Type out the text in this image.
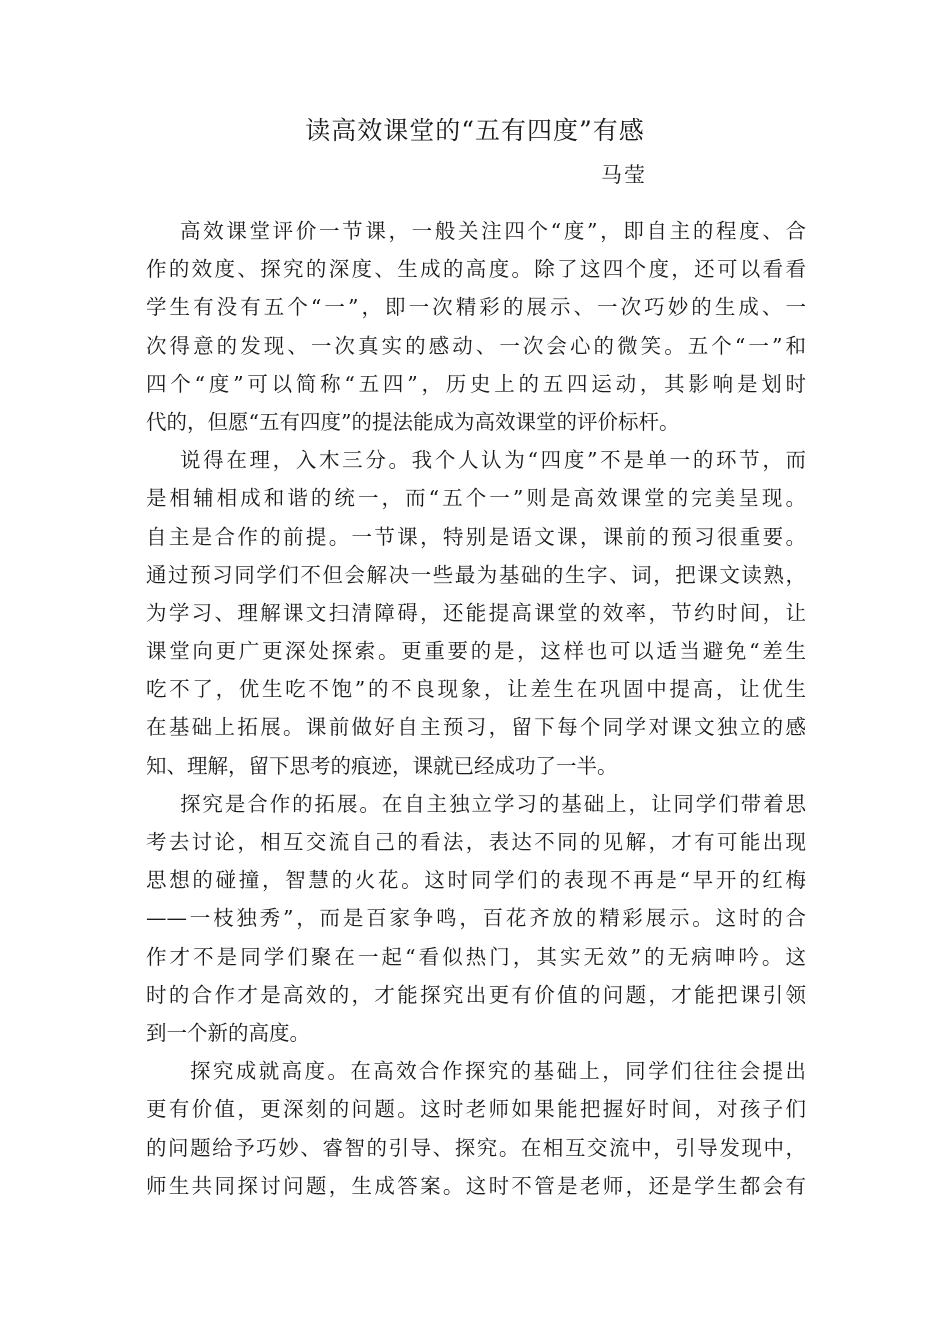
读高效课堂的“五有四度”有感

马莹

高效课堂评价一节课，一般关注四个“度”，即自主的程度、合
作的效度、探究的深度、生成的高度。除了这四个度，还可以看看
学生有没有五个“一”，即一次精彩的展示、一次巧妙的生成、一
次得意的发现、一次真实的感动、一次会心的微笑。五个“一”和
四个“度”可以简称“五四”，历史上的五四运动，其影响是划时
代的，但愿“五有四度”的提法能成为高效课堂的评价标杆。
说得在理，入木三分。我个人认为“四度”不是单一的环节，而
是相辅相成和谐的统一，而“五个一”则是高效课堂的完美呈现。
自主是合作的前提。一节课，特别是语文课，课前的预习很重要。
通过预习同学们不但会解决一些最为基础的生字、词，把课文读熟，
为学习、理解课文扫清障碍，还能提高课堂的效率，节约时间，让
课堂向更广更深处探索。更重要的是，这样也可以适当避免“差生
吃不了，优生吃不饱”的不良现象，让差生在巩固中提高，让优生
在基础上拓展。课前做好自主预习，留下每个同学对课文独立的感
知、理解，留下思考的痕迹，课就已经成功了一半。
探究是合作的拓展。在自主独立学习的基础上，让同学们带着思
考去讨论，相互交流自己的看法，表达不同的见解，才有可能出现
思想的碰撞，智慧的火花。这时同学们的表现不再是“早开的红梅
——一枝独秀”，而是百家争鸣，百花齐放的精彩展示。这时的合
作才不是同学们聚在一起“看似热门，其实无效”的无病呻吟。这
时的合作才是高效的，才能探究出更有价值的问题，才能把课引领
到一个新的高度。
探究成就高度。在高效合作探究的基础上，同学们往往会提出
更有价值，更深刻的问题。这时老师如果能把握好时间，对孩子们
的问题给予巧妙、睿智的引导、探究。在相互交流中，引导发现中，
师生共同探讨问题，生成答案。这时不管是老师，还是学生都会有
